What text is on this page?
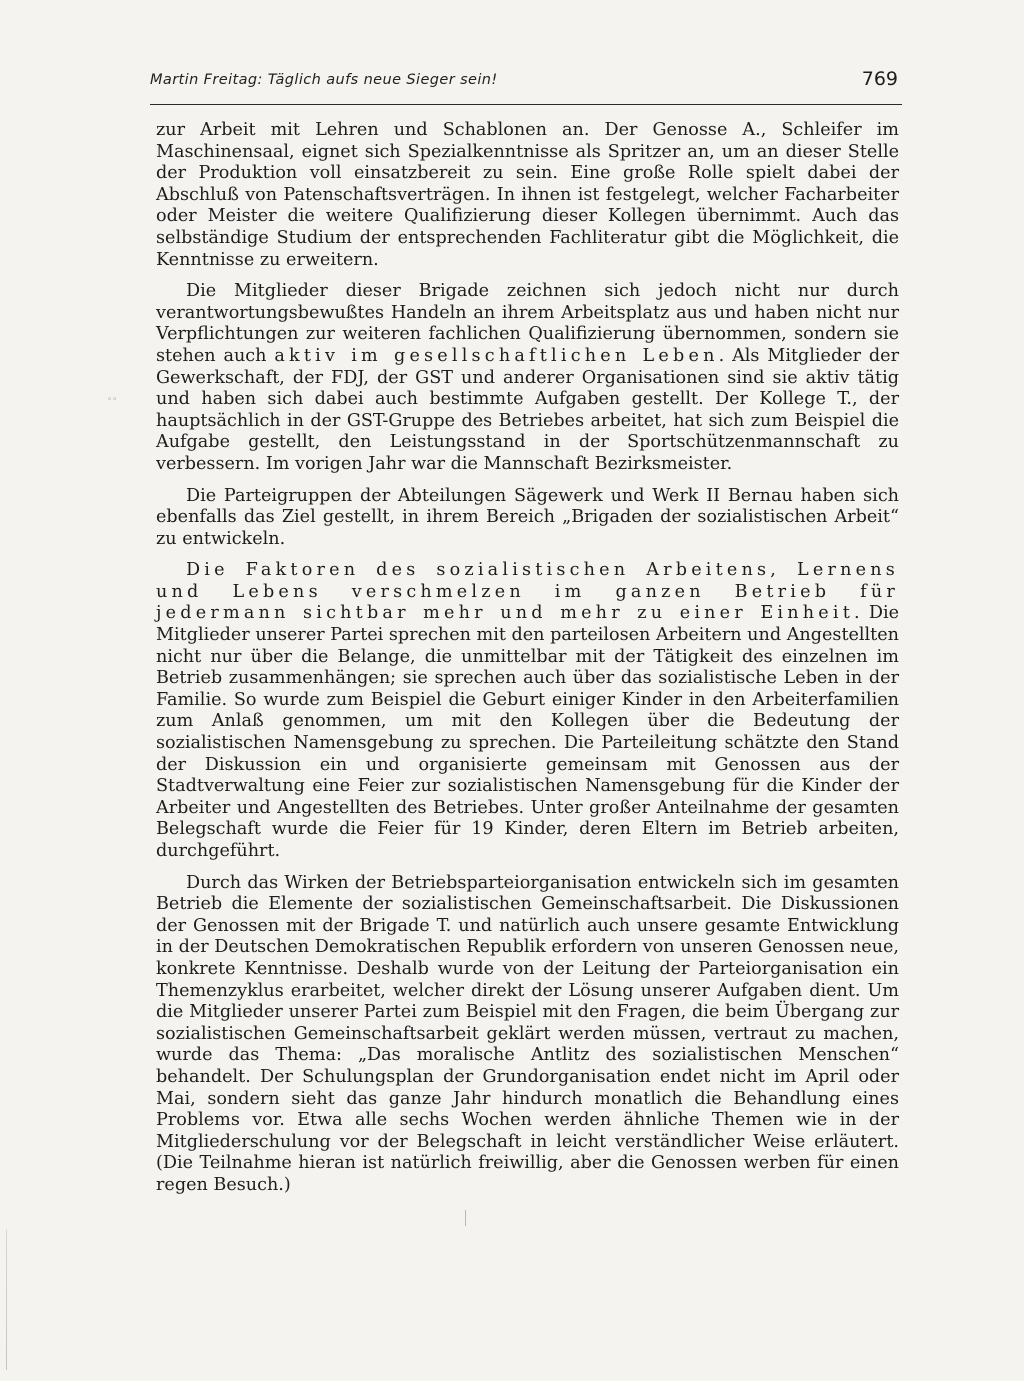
Martin Freitag: Täglich aufs neue Sieger sein!	769
◦◦

zur Arbeit mit Lehren und Schablonen an. Der Genosse A., Schleifer im Maschinensaal, eignet sich Spezialkenntnisse als Spritzer an, um an dieser Stelle der Produktion voll einsatzbereit zu sein. Eine große Rolle spielt dabei der Abschluß von Patenschaftsverträgen. In ihnen ist festgelegt, welcher Facharbeiter oder Meister die weitere Qualifizierung dieser Kollegen übernimmt. Auch das selbständige Studium der entsprechenden Fachliteratur gibt die Möglichkeit, die Kenntnisse zu erweitern.

Die Mitglieder dieser Brigade zeichnen sich jedoch nicht nur durch verantwortungsbewußtes Handeln an ihrem Arbeitsplatz aus und haben nicht nur Verpflichtungen zur weiteren fachlichen Qualifizierung übernommen, sondern sie stehen auch aktiv im gesellschaftlichen Leben. Als Mitglieder der Gewerkschaft, der FDJ, der GST und anderer Organisationen sind sie aktiv tätig und haben sich dabei auch bestimmte Aufgaben gestellt. Der Kollege T., der hauptsächlich in der GST-Gruppe des Betriebes arbeitet, hat sich zum Beispiel die Aufgabe gestellt, den Leistungsstand in der Sportschützenmannschaft zu verbessern. Im vorigen Jahr war die Mannschaft Bezirksmeister.

Die Parteigruppen der Abteilungen Sägewerk und Werk II Bernau haben sich ebenfalls das Ziel gestellt, in ihrem Bereich „Brigaden der sozialistischen Arbeit“ zu entwickeln.

Die Faktoren des sozialistischen Arbeitens, Lernens und Lebens verschmelzen im ganzen Betrieb für jedermann sichtbar mehr und mehr zu einer Einheit. Die Mitglieder unserer Partei sprechen mit den parteilosen Arbeitern und Angestellten nicht nur über die Belange, die unmittelbar mit der Tätigkeit des einzelnen im Betrieb zusammenhängen; sie sprechen auch über das sozialistische Leben in der Familie. So wurde zum Beispiel die Geburt einiger Kinder in den Arbeiterfamilien zum Anlaß genommen, um mit den Kollegen über die Bedeutung der sozialistischen Namensgebung zu sprechen. Die Parteileitung schätzte den Stand der Diskussion ein und organisierte gemeinsam mit Genossen aus der Stadtverwaltung eine Feier zur sozialistischen Namensgebung für die Kinder der Arbeiter und Angestellten des Betriebes. Unter großer Anteilnahme der gesamten Belegschaft wurde die Feier für 19 Kinder, deren Eltern im Betrieb arbeiten, durchgeführt.

Durch das Wirken der Betriebsparteiorganisation entwickeln sich im gesamten Betrieb die Elemente der sozialistischen Gemeinschaftsarbeit. Die Diskussionen der Genossen mit der Brigade T. und natürlich auch unsere gesamte Entwicklung in der Deutschen Demokratischen Republik erfordern von unseren Genossen neue, konkrete Kenntnisse. Deshalb wurde von der Leitung der Parteiorganisation ein Themenzyklus erarbeitet, welcher direkt der Lösung unserer Aufgaben dient. Um die Mitglieder unserer Partei zum Beispiel mit den Fragen, die beim Übergang zur sozialistischen Gemeinschaftsarbeit geklärt werden müssen, vertraut zu machen, wurde das Thema: „Das moralische Antlitz des sozialistischen Menschen“ behandelt. Der Schulungsplan der Grundorganisation endet nicht im April oder Mai, sondern sieht das ganze Jahr hindurch monatlich die Behandlung eines Problems vor. Etwa alle sechs Wochen werden ähnliche Themen wie in der Mitgliederschulung vor der Belegschaft in leicht verständlicher Weise erläutert. (Die Teilnahme hieran ist natürlich freiwillig, aber die Genossen werben für einen regen Besuch.)
